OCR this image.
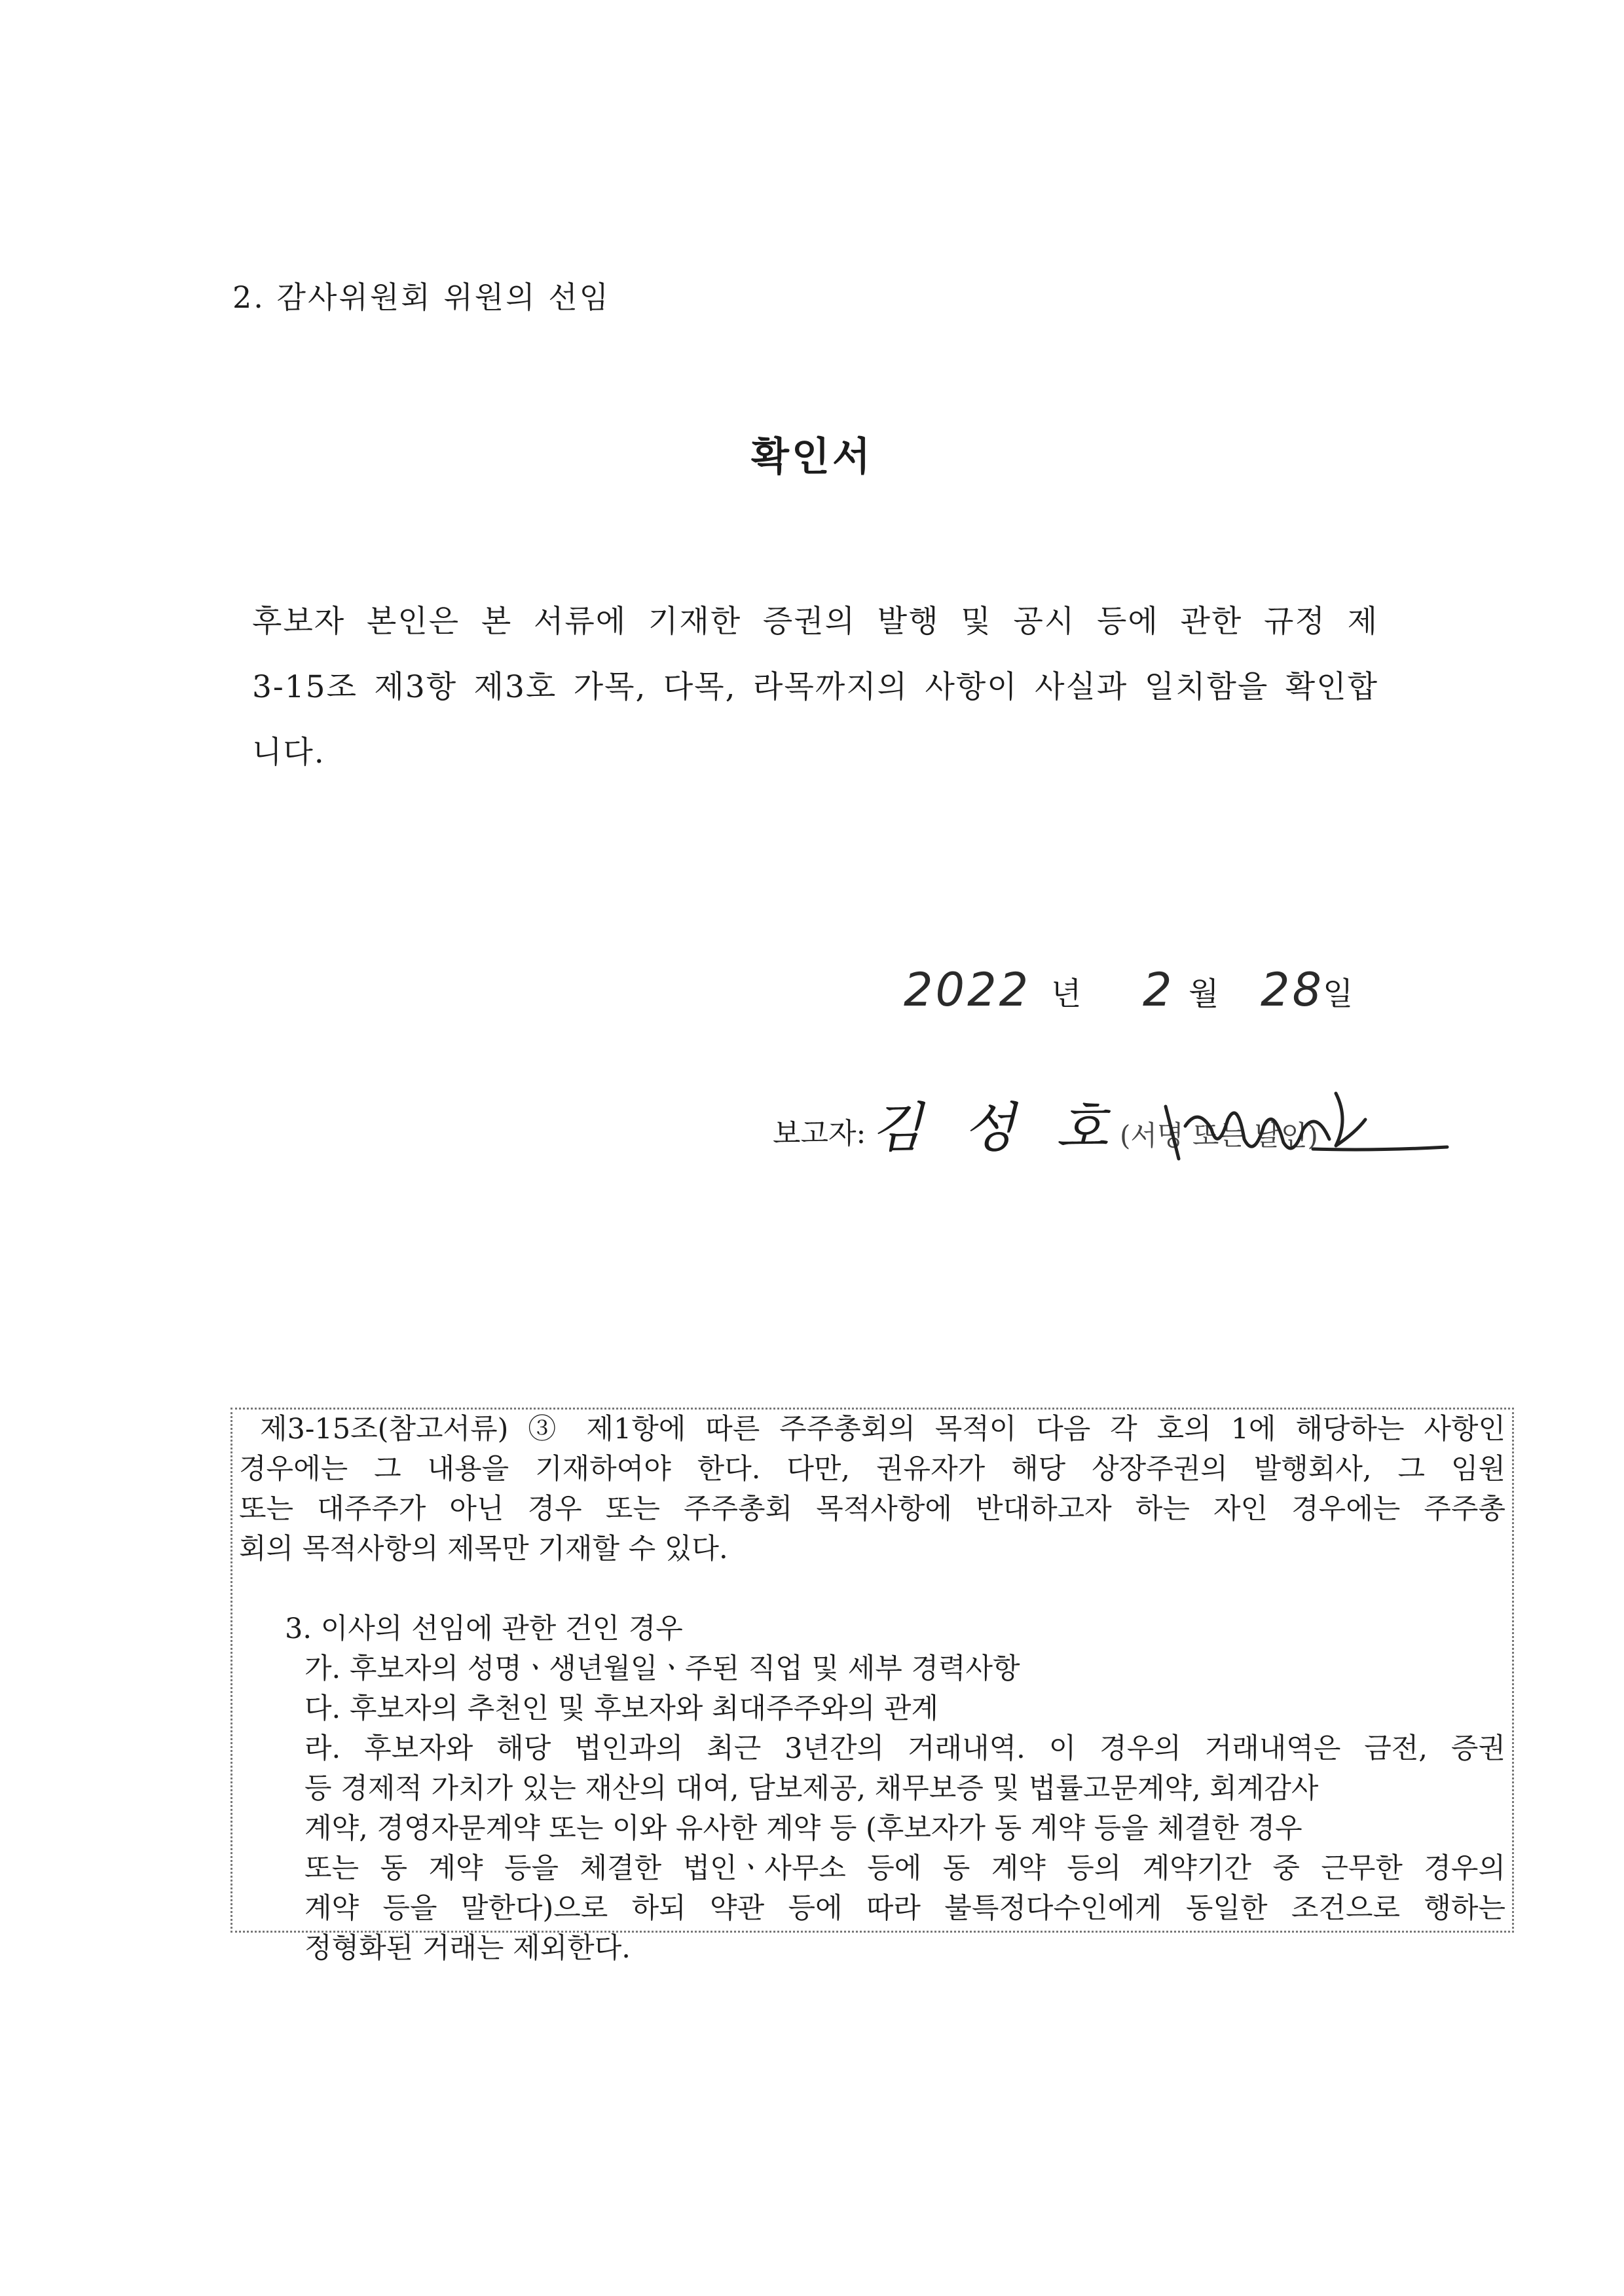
2. 감사위원회 위원의 선임
확인서
후보자 본인은 본 서류에 기재한 증권의 발행 및 공시 등에 관한 규정 제
3-15조 제3항 제3호 가목, 다목, 라목까지의 사항이 사실과 일치함을 확인합
니다.
2022 년 2 월 28
일
보고자: 김 성 호 (서명 또는 날인)
제3-15조(참고서류) ③ 제1항에 따른 주주총회의 목적이 다음 각 호의 1에 해당하는 사항인
경우에는 그 내용을 기재하여야 한다. 다만, 권유자가 해당 상장주권의 발행회사, 그 임원
또는 대주주가 아닌 경우 또는 주주총회 목적사항에 반대하고자 하는 자인 경우에는 주주총
회의 목적사항의 제목만 기재할 수 있다.
3. 이사의 선임에 관한 건인 경우
가. 후보자의 성명ㆍ생년월일ㆍ주된 직업 및 세부 경력사항
다. 후보자의 추천인 및 후보자와 최대주주와의 관계
라. 후보자와 해당 법인과의 최근 3년간의 거래내역. 이 경우의 거래내역은 금전, 증권
등 경제적 가치가 있는 재산의 대여, 담보제공, 채무보증 및 법률고문계약, 회계감사
계약, 경영자문계약 또는 이와 유사한 계약 등 (후보자가 동 계약 등을 체결한 경우
또는 동 계약 등을 체결한 법인ㆍ사무소 등에 동 계약 등의 계약기간 중 근무한 경우의
계약 등을 말한다)으로 하되 약관 등에 따라 불특정다수인에게 동일한 조건으로 행하는
정형화된 거래는 제외한다.
